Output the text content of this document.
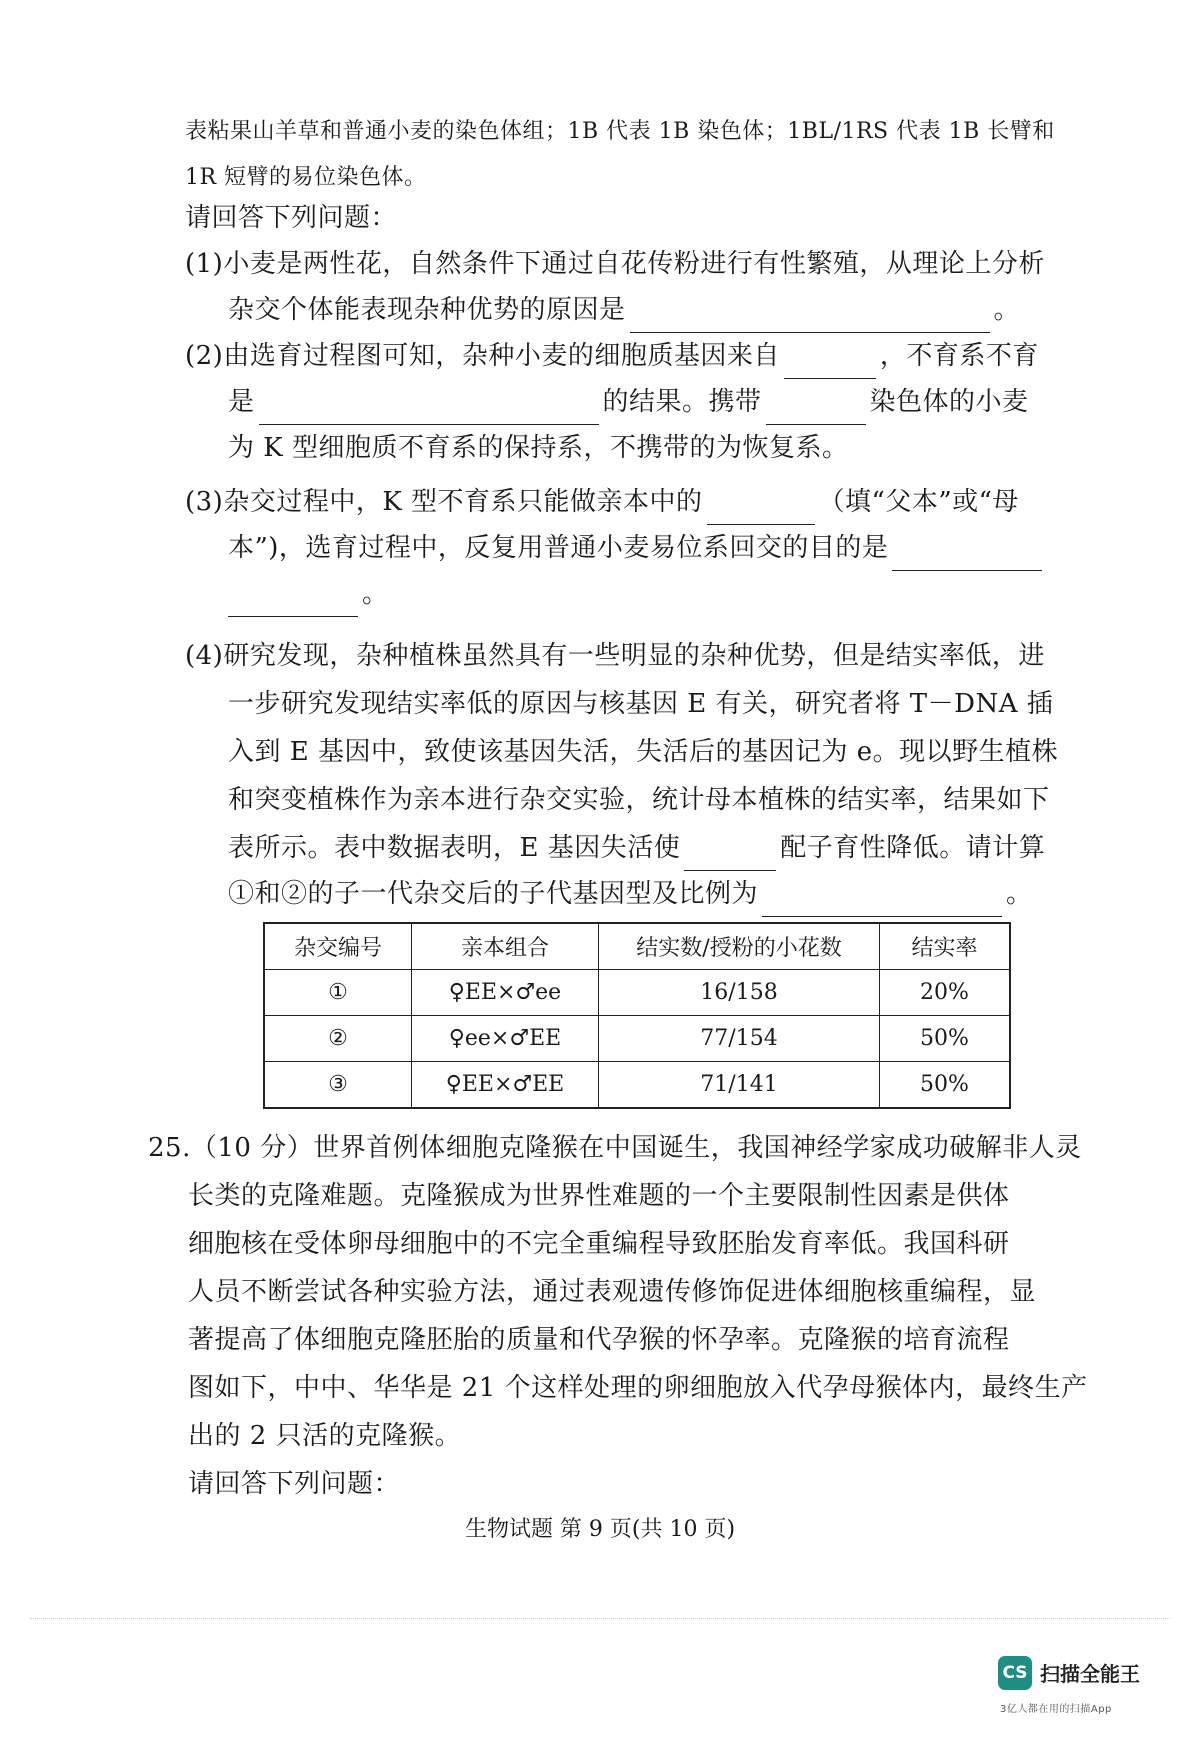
表粘果山羊草和普通小麦的染色体组；1B 代表 1B 染色体；1BL/1RS 代表 1B 长臂和
1R 短臂的易位染色体。
请回答下列问题：
(1)小麦是两性花，自然条件下通过自花传粉进行有性繁殖，从理论上分析
杂交个体能表现杂种优势的原因是	。
(2)由选育过程图可知，杂种小麦的细胞质基因来自	，不育系不育
是	的结果。携带	染色体的小麦
为 K 型细胞质不育系的保持系，不携带的为恢复系。
(3)杂交过程中，K 型不育系只能做亲本中的	（填“父本”或“母
本”)，选育过程中，反复用普通小麦易位系回交的目的是
。
(4)研究发现，杂种植株虽然具有一些明显的杂种优势，但是结实率低，进
一步研究发现结实率低的原因与核基因 E 有关，研究者将 T－DNA 插
入到 E 基因中，致使该基因失活，失活后的基因记为 e。现以野生植株
和突变植株作为亲本进行杂交实验，统计母本植株的结实率，结果如下
表所示。表中数据表明，E 基因失活使	配子育性降低。请计算
①和②的子一代杂交后的子代基因型及比例为	。
杂交编号	亲本组合	结实数/授粉的小花数	结实率
①	♀EE×♂ee	16/158	20%
②	♀ee×♂EE	77/154	50%
③	♀EE×♂EE	71/141	50%
25.（10 分）世界首例体细胞克隆猴在中国诞生，我国神经学家成功破解非人灵
长类的克隆难题。克隆猴成为世界性难题的一个主要限制性因素是供体
细胞核在受体卵母细胞中的不完全重编程导致胚胎发育率低。我国科研
人员不断尝试各种实验方法，通过表观遗传修饰促进体细胞核重编程，显
著提高了体细胞克隆胚胎的质量和代孕猴的怀孕率。克隆猴的培育流程
图如下，中中、华华是 21 个这样处理的卵细胞放入代孕母猴体内，最终生产
出的 2 只活的克隆猴。
请回答下列问题：
生物试题 第 9 页(共 10 页)
CS 扫描全能王
3亿人都在用的扫描App
